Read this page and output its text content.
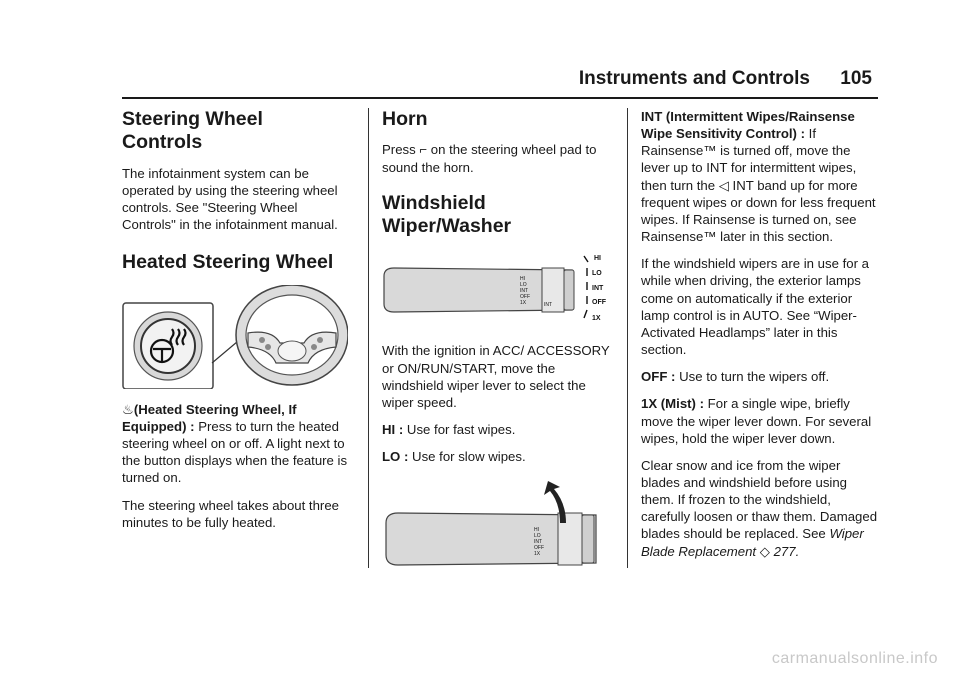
Instruments and Controls 105
Steering Wheel Controls

The infotainment system can be operated by using the steering wheel controls. See "Steering Wheel Controls" in the infotainment manual.

Heated Steering Wheel

♨(Heated Steering Wheel, If Equipped) : Press to turn the heated steering wheel on or off. A light next to the button displays when the feature is turned on.

The steering wheel takes about three minutes to be fully heated.

Horn

Press ⌐ on the steering wheel pad to sound the horn.

Windshield Wiper/Washer
HI
LO
INT
OFF
1X	INT
HI
LO
INT
OFF
1X

With the ignition in ACC/ ACCESSORY or ON/RUN/START, move the windshield wiper lever to select the wiper speed.

HI : Use for fast wipes.

LO : Use for slow wipes.

HI
LO
INT
OFF
1X

INT (Intermittent Wipes/Rainsense Wipe Sensitivity Control) : If Rainsense™ is turned off, move the lever up to INT for intermittent wipes, then turn the ◁ INT band up for more frequent wipes or down for less frequent wipes. If Rainsense is turned on, see Rainsense™ later in this section.

If the windshield wipers are in use for a while when driving, the exterior lamps come on automatically if the exterior lamp control is in AUTO. See “Wiper-Activated Headlamps” later in this section.

OFF : Use to turn the wipers off.

1X (Mist) : For a single wipe, briefly move the wiper lever down. For several wipes, hold the wiper lever down.

Clear snow and ice from the wiper blades and windshield before using them. If frozen to the windshield, carefully loosen or thaw them. Damaged blades should be replaced. See Wiper Blade Replacement ◇ 277.

carmanualsonline.info
